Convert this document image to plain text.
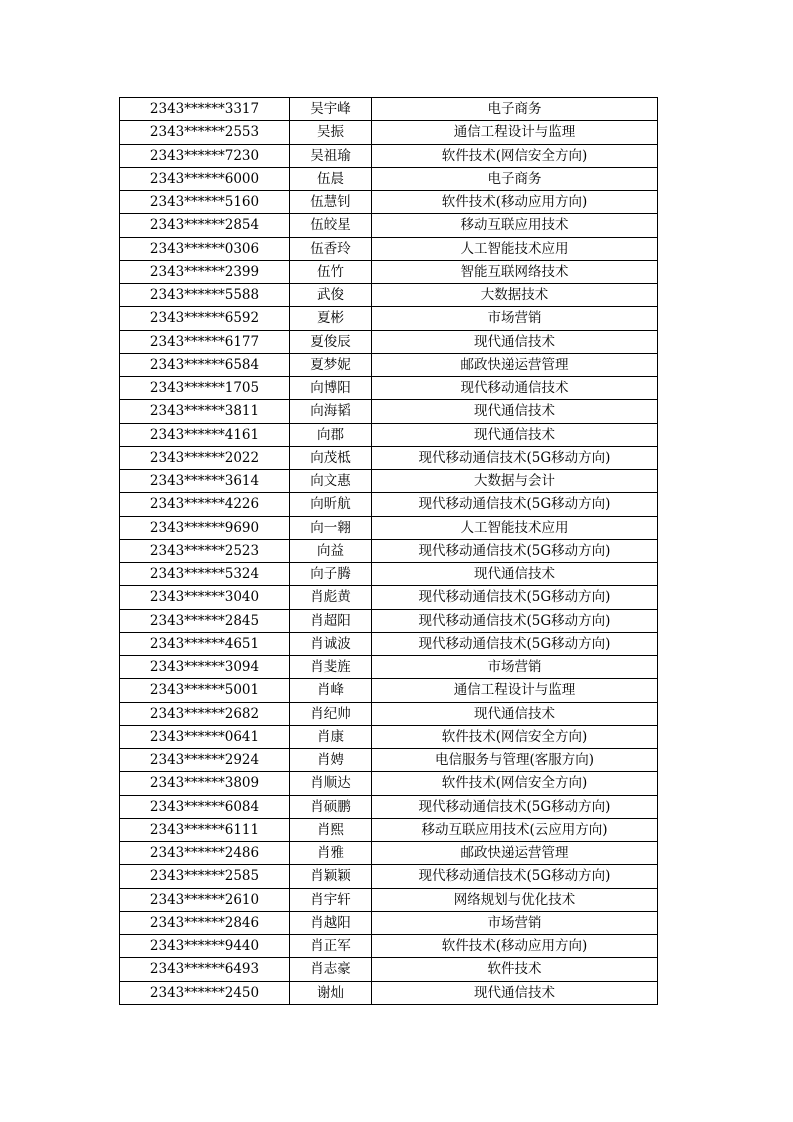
2343******3317	吴宇峰	电子商务
2343******2553	吴振	通信工程设计与监理
2343******7230	吴祖瑜	软件技术(网信安全方向)
2343******6000	伍晨	电子商务
2343******5160	伍慧钊	软件技术(移动应用方向)
2343******2854	伍皎星	移动互联应用技术
2343******0306	伍香玲	人工智能技术应用
2343******2399	伍竹	智能互联网络技术
2343******5588	武俊	大数据技术
2343******6592	夏彬	市场营销
2343******6177	夏俊辰	现代通信技术
2343******6584	夏梦妮	邮政快递运营管理
2343******1705	向博阳	现代移动通信技术
2343******3811	向海韬	现代通信技术
2343******4161	向郡	现代通信技术
2343******2022	向茂柢	现代移动通信技术(5G移动方向)
2343******3614	向文惠	大数据与会计
2343******4226	向昕航	现代移动通信技术(5G移动方向)
2343******9690	向一翱	人工智能技术应用
2343******2523	向益	现代移动通信技术(5G移动方向)
2343******5324	向子腾	现代通信技术
2343******3040	肖彪黄	现代移动通信技术(5G移动方向)
2343******2845	肖超阳	现代移动通信技术(5G移动方向)
2343******4651	肖诚波	现代移动通信技术(5G移动方向)
2343******3094	肖斐旌	市场营销
2343******5001	肖峰	通信工程设计与监理
2343******2682	肖纪帅	现代通信技术
2343******0641	肖康	软件技术(网信安全方向)
2343******2924	肖娉	电信服务与管理(客服方向)
2343******3809	肖顺达	软件技术(网信安全方向)
2343******6084	肖硕鹏	现代移动通信技术(5G移动方向)
2343******6111	肖熙	移动互联应用技术(云应用方向)
2343******2486	肖雅	邮政快递运营管理
2343******2585	肖颖颖	现代移动通信技术(5G移动方向)
2343******2610	肖宇轩	网络规划与优化技术
2343******2846	肖越阳	市场营销
2343******9440	肖正军	软件技术(移动应用方向)
2343******6493	肖志豪	软件技术
2343******2450	谢灿	现代通信技术
